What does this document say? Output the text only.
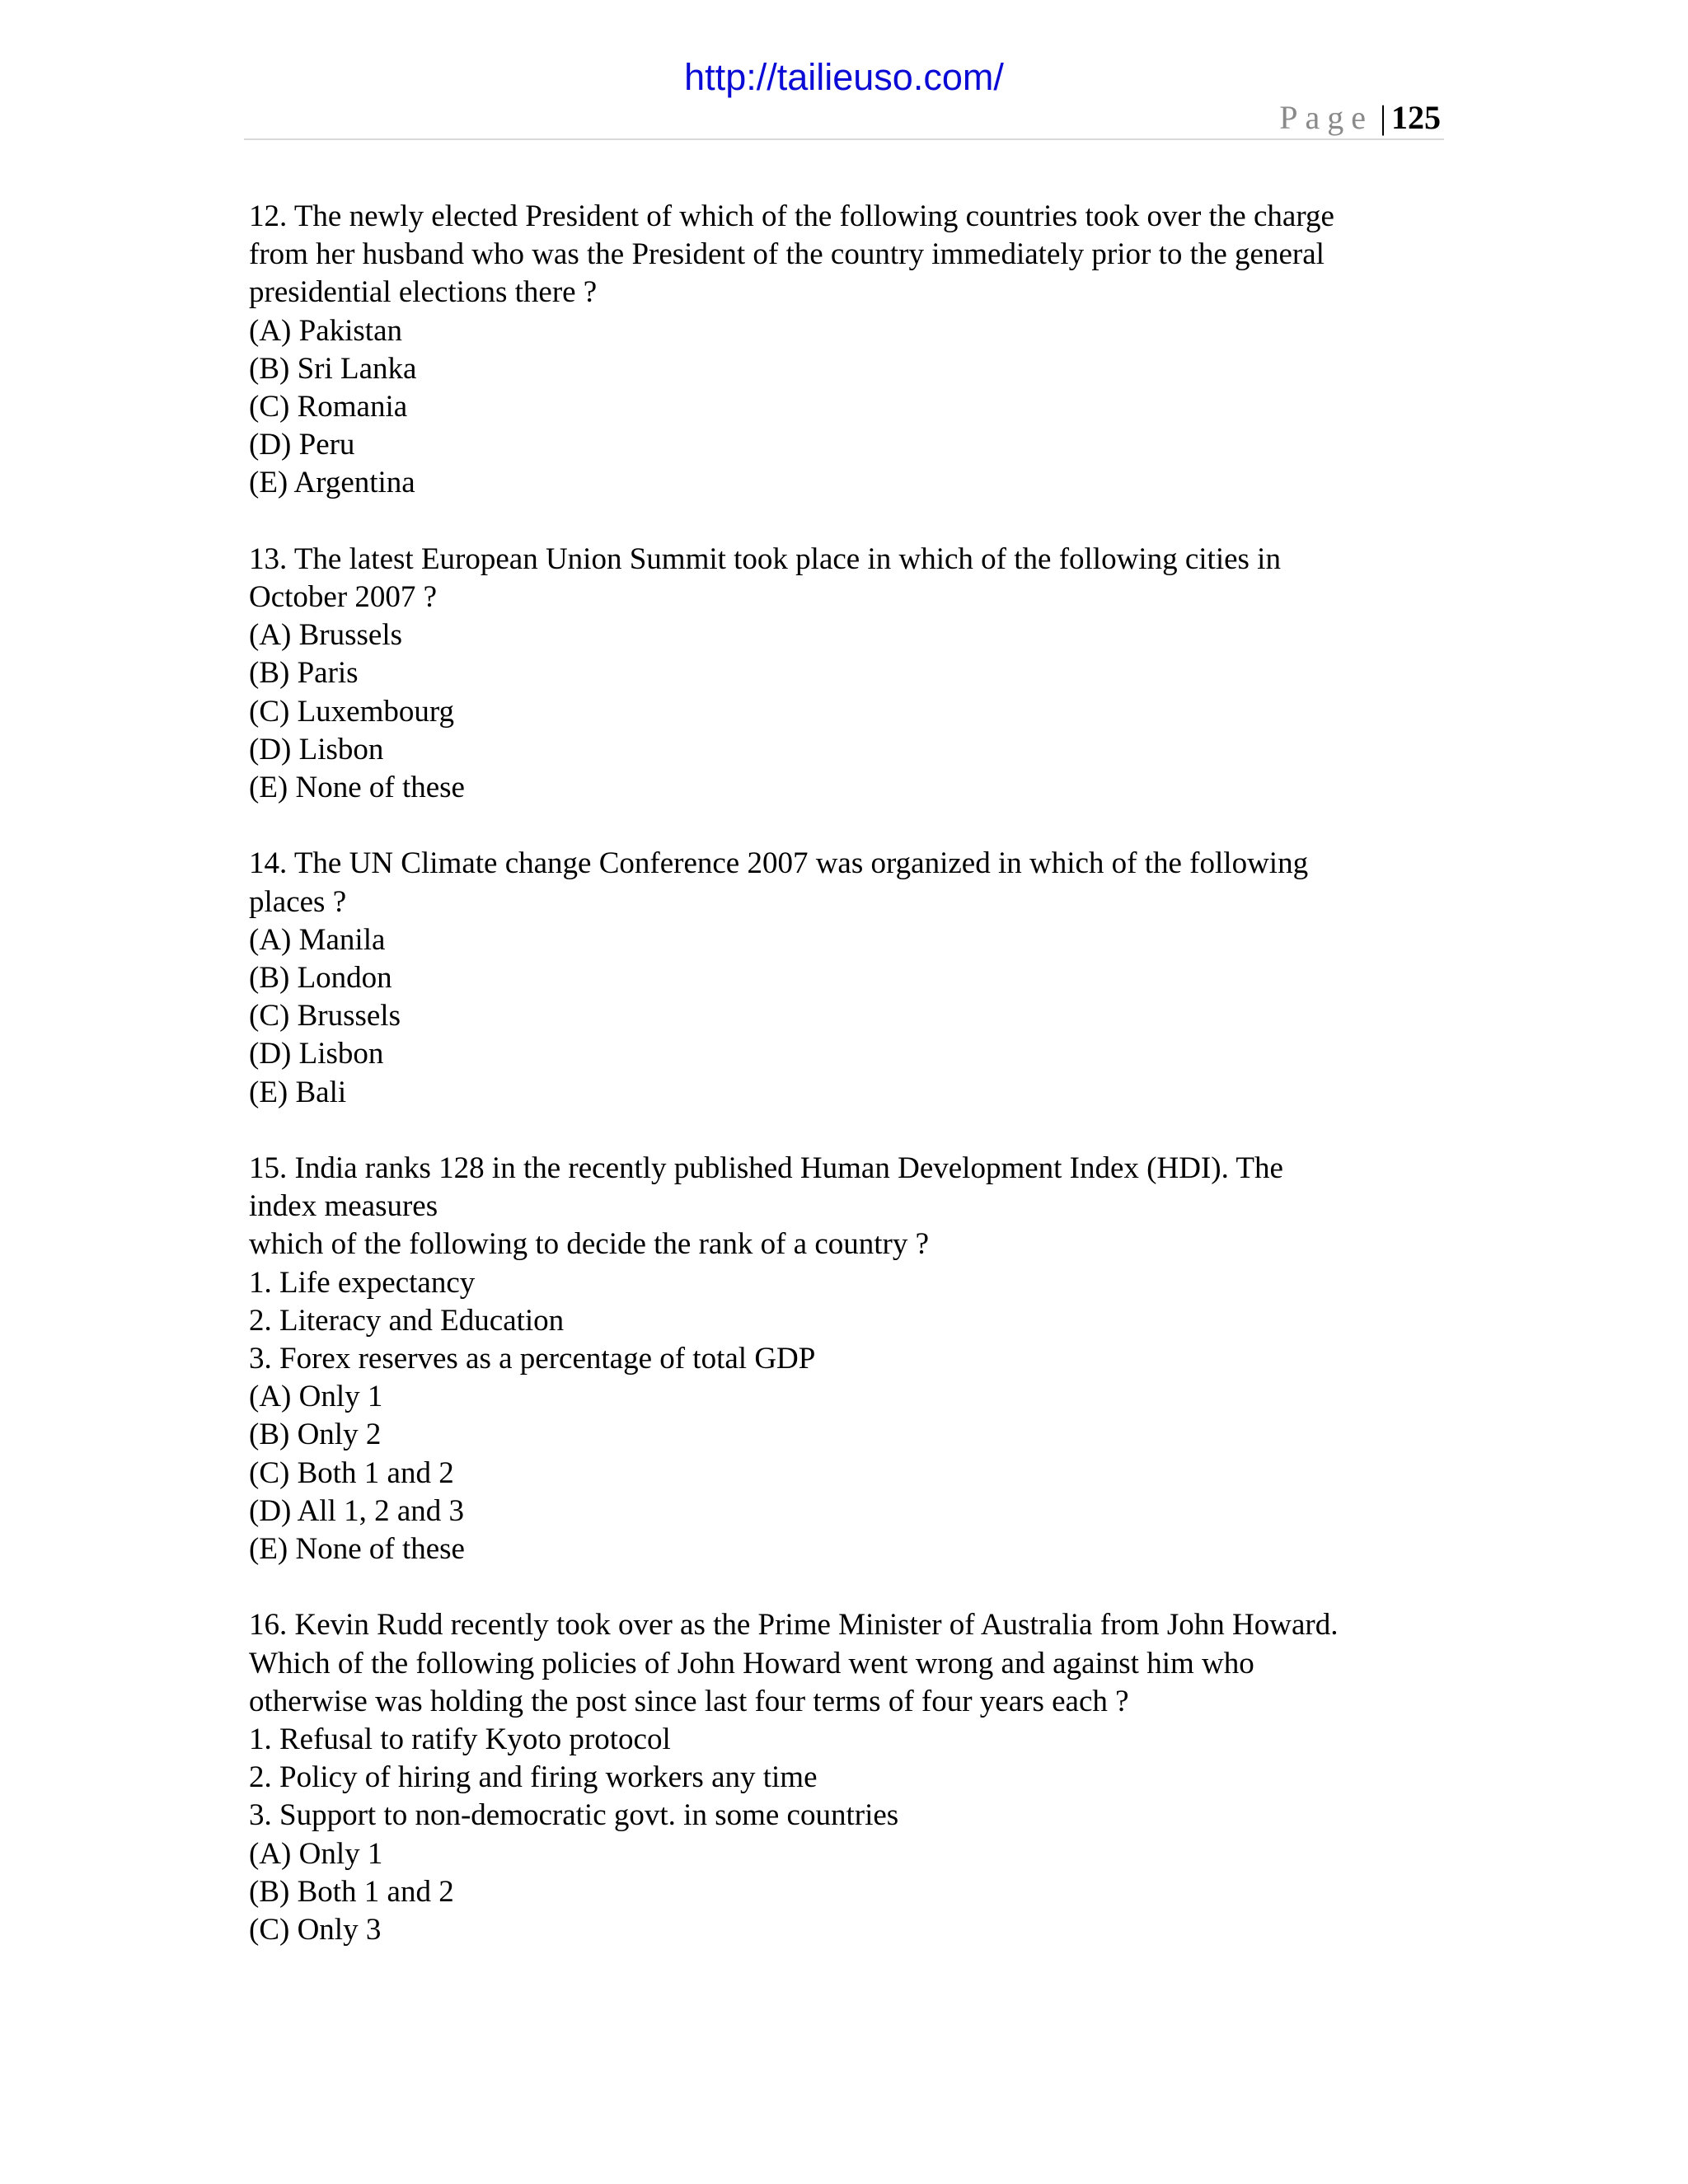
http://tailieuso.com/
Page | 125
12. The newly elected President of which of the following countries took over the charge
from her husband who was the President of the country immediately prior to the general
presidential elections there ?
(A) Pakistan
(B) Sri Lanka
(C) Romania
(D) Peru
(E) Argentina
13. The latest European Union Summit took place in which of the following cities in
October 2007 ?
(A) Brussels
(B) Paris
(C) Luxembourg
(D) Lisbon
(E) None of these
14. The UN Climate change Conference 2007 was organized in which of the following
places ?
(A) Manila
(B) London
(C) Brussels
(D) Lisbon
(E) Bali
15. India ranks 128 in the recently published Human Development Index (HDI). The
index measures
which of the following to decide the rank of a country ?
1. Life expectancy
2. Literacy and Education
3. Forex reserves as a percentage of total GDP
(A) Only 1
(B) Only 2
(C) Both 1 and 2
(D) All 1, 2 and 3
(E) None of these
16. Kevin Rudd recently took over as the Prime Minister of Australia from John Howard.
Which of the following policies of John Howard went wrong and against him who
otherwise was holding the post since last four terms of four years each ?
1. Refusal to ratify Kyoto protocol
2. Policy of hiring and firing workers any time
3. Support to non-democratic govt. in some countries
(A) Only 1
(B) Both 1 and 2
(C) Only 3
